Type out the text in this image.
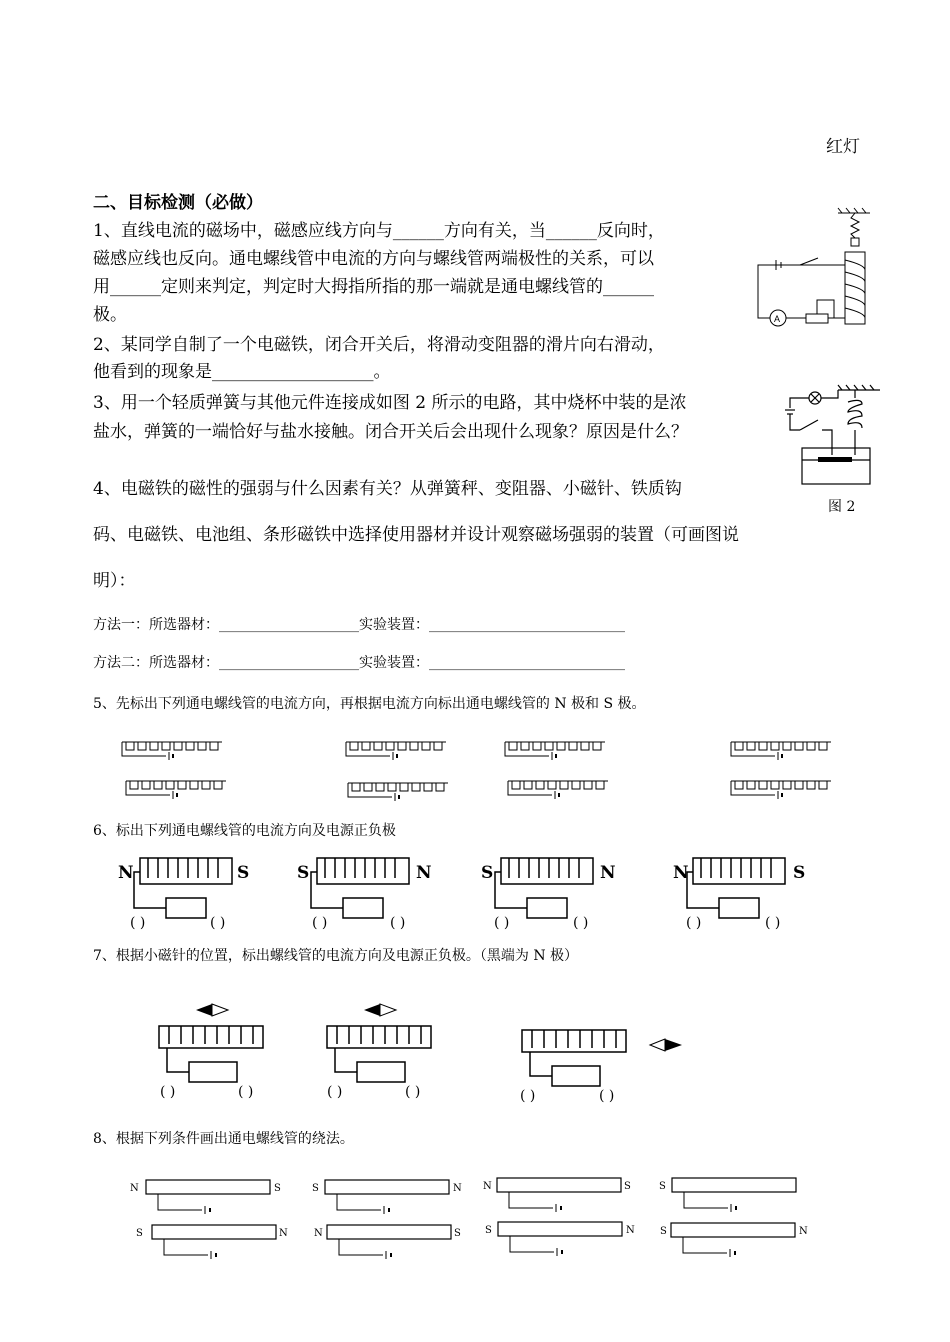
红灯
二、目标检测（必做）
1、直线电流的磁场中，磁感应线方向与______方向有关，当______反向时，
磁感应线也反向。通电螺线管中电流的方向与螺线管两端极性的关系，可以
用______定则来判定，判定时大拇指所指的那一端就是通电螺线管的______
极。
2、某同学自制了一个电磁铁，闭合开关后，将滑动变阻器的滑片向右滑动，
他看到的现象是___________________。
3、用一个轻质弹簧与其他元件连接成如图 2 所示的电路，其中烧杯中装的是浓
盐水，弹簧的一端恰好与盐水接触。闭合开关后会出现什么现象？原因是什么？
4、电磁铁的磁性的强弱与什么因素有关？从弹簧秤、变阻器、小磁针、铁质钩
码、电磁铁、电池组、条形磁铁中选择使用器材并设计观察磁场强弱的装置（可画图说
明）：
方法一：所选器材：____________________实验装置：____________________________
方法二：所选器材：____________________实验装置：____________________________
5、先标出下列通电螺线管的电流方向，再根据电流方向标出通电螺线管的 N 极和 S 极。
6、标出下列通电螺线管的电流方向及电源正负极
7、根据小磁针的位置，标出螺线管的电流方向及电源正负极。（黑端为 N 极）
8、根据下列条件画出通电螺线管的绕法。
A
图 2
N	S	S	N	S	N	N	S
( )	( )	( )	( )	( )	( )	( )	( )
( )	( )	( )	( )	( )	( )
N	S	S	N N	S	S
S	N	N	S S	N	S	N
